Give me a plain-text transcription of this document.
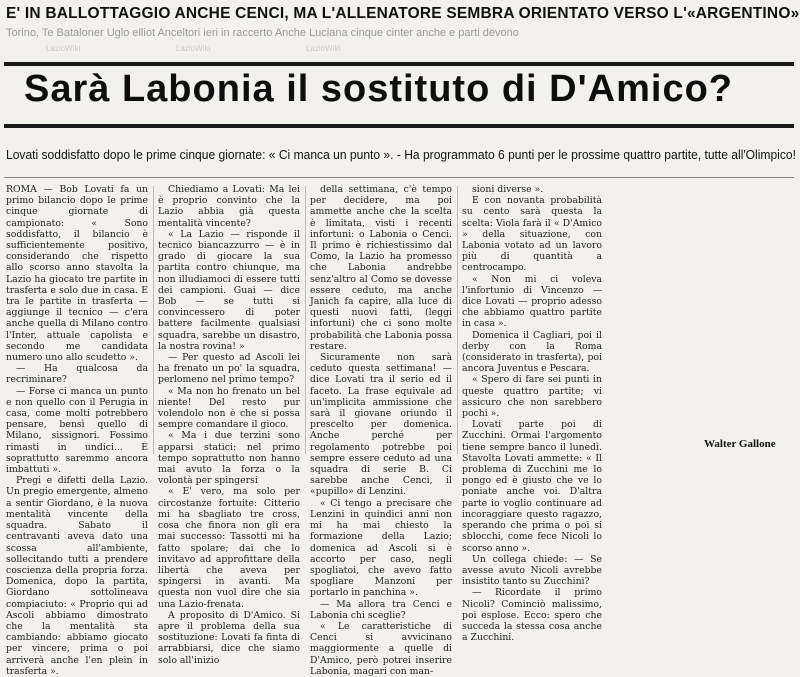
E' IN BALLOTTAGGIO ANCHE CENCI, MA L'ALLENATORE SEMBRA ORIENTATO VERSO L'«ARGENTINO»
Torino, Te Bataloner Uglo elliot Anceltori ieri in raccerto Anche Luciana cinque cinter anche e parti devono
LazioWiki	LazioWiki	LazioWiki
Sarà Labonia il sostituto di D'Amico?
Lovati soddisfatto dopo le prime cinque giornate: « Ci manca un punto ». - Ha programmato 6 punti per le prossime quattro partite, tutte all'Olimpico!

ROMA — Bob Lovati fa un primo bilancio dopo le prime cinque giornate di campionato: « Sono soddisfatto, il bilancio è sufficientemente positivo, considerando che rispetto allo scorso anno stavolta la Lazio ha giocato tre partite in trasferta e solo due in casa. E tra le partite in trasferta — aggiunge il tecnico — c'era anche quella di Milano contro l'Inter, attuale capolista e secondo me candidata numero uno allo scudetto ».

— Ha qualcosa da recriminare?

— Forse ci manca un punto e non quello con il Perugia in casa, come molti potrebbero pensare, bensì quello di Milano, sissignori. Fossimo rimasti in undici... E soprattutto saremmo ancora imbattuti ».

Pregi e difetti della Lazio. Un pregio emergente, almeno a sentir Giordano, è la nuova mentalità vincente della squadra. Sabato il centravanti aveva dato una scossa all'ambiente, sollecitando tutti a prendere coscienza della propria forza. Domenica, dopo la partita, Giordano sottolineava compiaciuto: « Proprio qui ad Ascoli abbiamo dimostrato che la mentalità sta cambiando: abbiamo giocato per vincere, prima o poi arriverà anche l'en plein in trasferta ».

Chiediamo a Lovati: Ma lei è proprio convinto che la Lazio abbia già questa mentalità vincente?

« La Lazio — risponde il tecnico biancazzurro — è in grado di giocare la sua partita contro chiunque, ma non illudiamoci di essere tutti dei campioni. Guai — dice Bob — se tutti si convincessero di poter battere facilmente qualsiasi squadra, sarebbe un disastro, la nostra rovina! »

— Per questo ad Ascoli lei ha frenato un po' la squadra, perlomeno nel primo tempo?

« Ma non ho frenato un bel niente! Del resto pur volendolo non è che si possa sempre comandare il gioco.

« Ma i due terzini sono apparsi statici: nel primo tempo soprattutto non hanno mai avuto la forza o la volontà per spingersi

« E' vero, ma solo per circostanze fortuite: Citterio mi ha sbagliato tre cross, cosa che finora non gli era mai successo: Tassotti mi ha fatto spolare; dai che lo invitavo ad approfittare della libertà che aveva per spingersi in avanti. Ma questa non vuol dire che sia una Lazio-frenata.

A proposito di D'Amico. Si apre il problema della sua sostituzione: Lovati fa finta di arrabbiarsi, dice che siamo solo all'inizio

della settimana, c'è tempo per decidere, ma poi ammette anche che la scelta è limitata, visti i recenti infortuni: o Labonia o Cenci. Il primo è richiestissimo dal Como, la Lazio ha promesso che Labonia andrebbe senz'altro al Como se dovesse essere ceduto, ma anche Janich fa capire, alla luce di questi nuovi fatti, (leggi infortuni) che ci sono molte probabilità che Labonia possa restare.

Sicuramente non sarà ceduto questa settimana! — dice Lovati tra il serio ed il faceto. La frase equivale ad un'implicita ammissione che sarà il giovane oriundo il prescelto per domenica. Anche perché per regolamento potrebbe poi sempre essere ceduto ad una squadra di serie B. Ci sarebbe anche Cenci, il «pupillo» di Lenzini.

« Ci tengo a precisare che Lenzini in quindici anni non mi ha mai chiesto la formazione della Lazio; domenica ad Ascoli si è accorto per caso, negli spogliatoi, che avevo fatto spogliare Manzoni per portarlo in panchina ».

— Ma allora tra Cenci e Labonia chi sceglie?

« Le caratteristiche di Cenci si avvicinano maggiormente a quelle di D'Amico, però potrei inserire Labonia, magari con man-

sioni diverse ».

E con novanta probabilità su cento sarà questa la scelta: Viola farà il « D'Amico » della situazione, con Labonia votato ad un lavoro più di quantità a centrocampo.

« Non mi ci voleva l'infortunio di Vincenzo — dice Lovati — proprio adesso che abbiamo quattro partite in casa ».

Domenica il Cagliari, poi il derby con la Roma (considerato in trasferta), poi ancora Juventus e Pescara.

« Spero di fare sei punti in queste quattro partite; vi assicuro che non sarebbero pochi ».

Lovati parte poi di Zucchini. Ormai l'argomento tiene sempre banco il lunedì. Stavolta Lovati ammette: « Il problema di Zucchini me lo pongo ed è giusto che ve lo poniate anche voi. D'altra parte io voglio continuare ad incoraggiare questo ragazzo, sperando che prima o poi si sblocchi, come fece Nicoli lo scorso anno ».

Un collega chiede: — Se avesse avuto Nicoli avrebbe insistito tanto su Zucchini?

— Ricordate il primo Nicoli? Cominciò malissimo, poi esplose. Ecco: spero che succeda la stessa cosa anche a Zucchini.

Walter Gallone
